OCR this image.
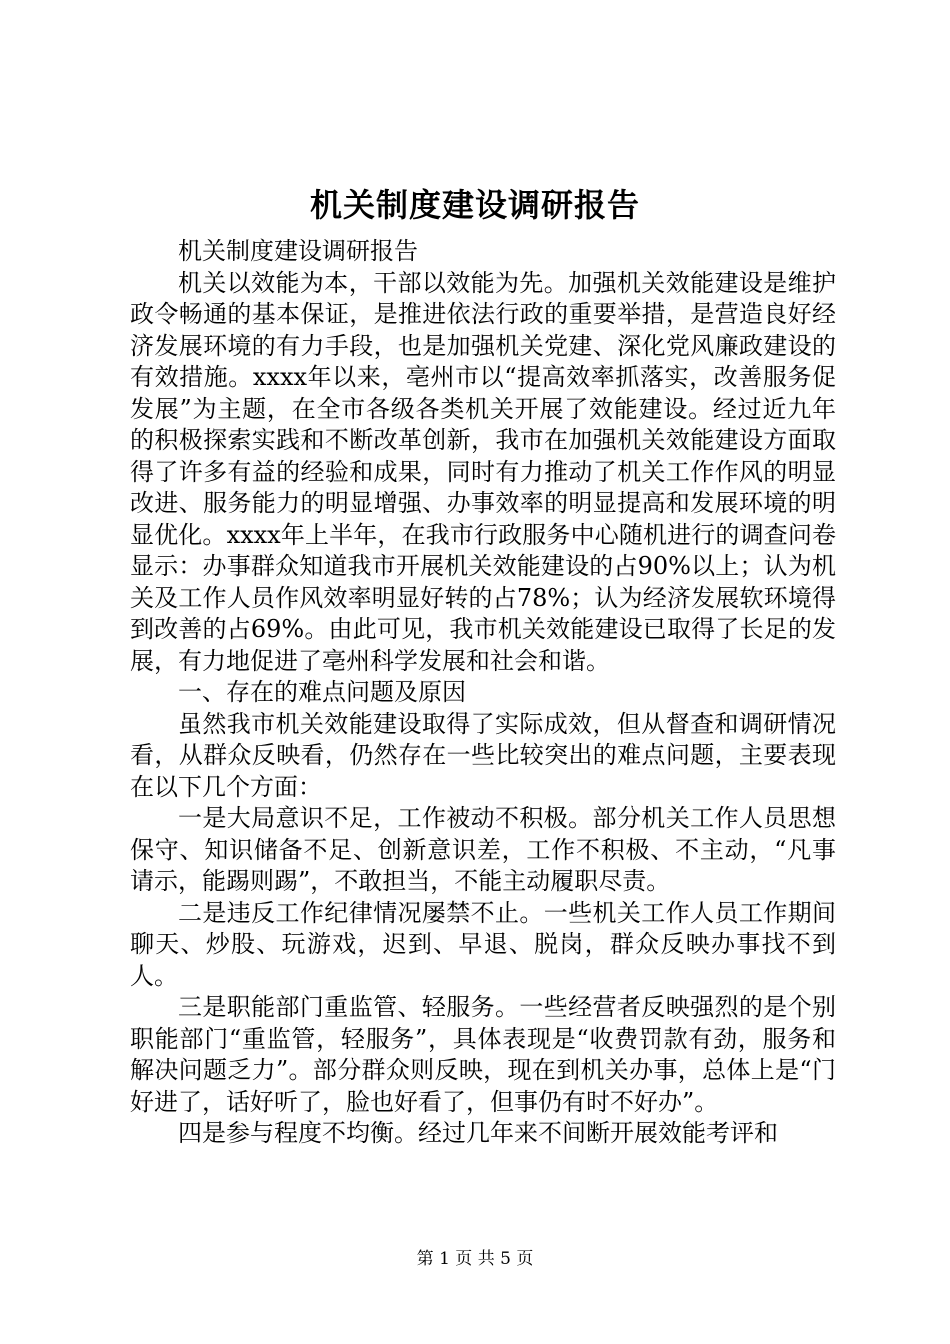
机关制度建设调研报告

机关制度建设调研报告

机关以效能为本，干部以效能为先。加强机关效能建设是维护政令畅通的基本保证，是推进依法行政的重要举措，是营造良好经济发展环境的有力手段，也是加强机关党建、深化党风廉政建设的有效措施。xxxx年以来，亳州市以“提高效率抓落实，改善服务促发展”为主题，在全市各级各类机关开展了效能建设。经过近九年的积极探索实践和不断改革创新，我市在加强机关效能建设方面取得了许多有益的经验和成果，同时有力推动了机关工作作风的明显改进、服务能力的明显增强、办事效率的明显提高和发展环境的明显优化。xxxx年上半年，在我市行政服务中心随机进行的调查问卷显示：办事群众知道我市开展机关效能建设的占90%以上；认为机关及工作人员作风效率明显好转的占78%；认为经济发展软环境得到改善的占69%。由此可见，我市机关效能建设已取得了长足的发展，有力地促进了亳州科学发展和社会和谐。

一、存在的难点问题及原因

虽然我市机关效能建设取得了实际成效，但从督查和调研情况看，从群众反映看，仍然存在一些比较突出的难点问题，主要表现在以下几个方面：

一是大局意识不足，工作被动不积极。部分机关工作人员思想保守、知识储备不足、创新意识差，工作不积极、不主动，“凡事请示，能踢则踢”，不敢担当，不能主动履职尽责。

二是违反工作纪律情况屡禁不止。一些机关工作人员工作期间聊天、炒股、玩游戏，迟到、早退、脱岗，群众反映办事找不到人。

三是职能部门重监管、轻服务。一些经营者反映强烈的是个别职能部门“重监管，轻服务”，具体表现是“收费罚款有劲，服务和解决问题乏力”。部分群众则反映，现在到机关办事，总体上是“门好进了，话好听了，脸也好看了，但事仍有时不好办”。

四是参与程度不均衡。经过几年来不间断开展效能考评和

第 1 页 共 5 页
